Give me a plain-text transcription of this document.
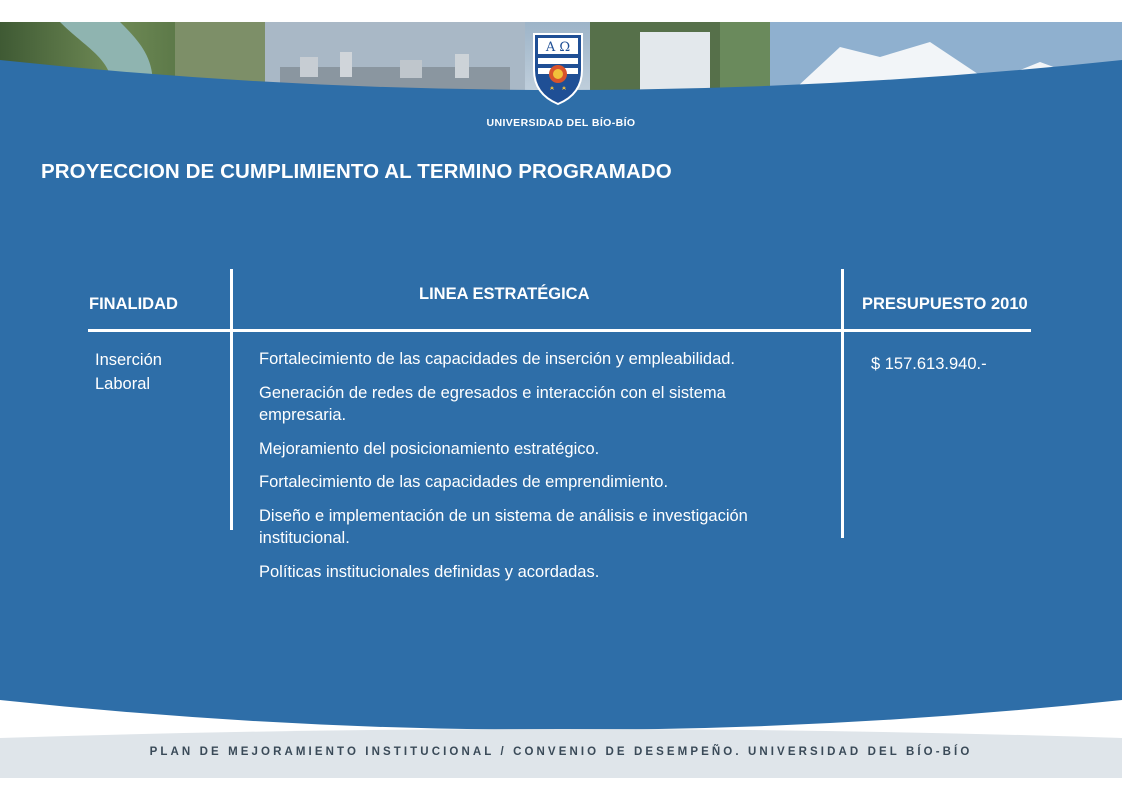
A Ω
UNIVERSIDAD DEL BÍO-BÍO
PROYECCION DE CUMPLIMIENTO AL TERMINO PROGRAMADO
FINALIDAD
LINEA ESTRATÉGICA
PRESUPUESTO 2010
Inserción Laboral
Fortalecimiento de las capacidades de inserción y empleabilidad.
Generación de redes de egresados e interacción con el sistema empresaria.
Mejoramiento del posicionamiento estratégico.
Fortalecimiento de las capacidades de emprendimiento.
Diseño e implementación de un sistema de análisis e investigación institucional.
Políticas institucionales definidas y acordadas.
$ 157.613.940.-
PLAN DE MEJORAMIENTO INSTITUCIONAL / CONVENIO DE DESEMPEÑO. UNIVERSIDAD DEL BÍO-BÍO
